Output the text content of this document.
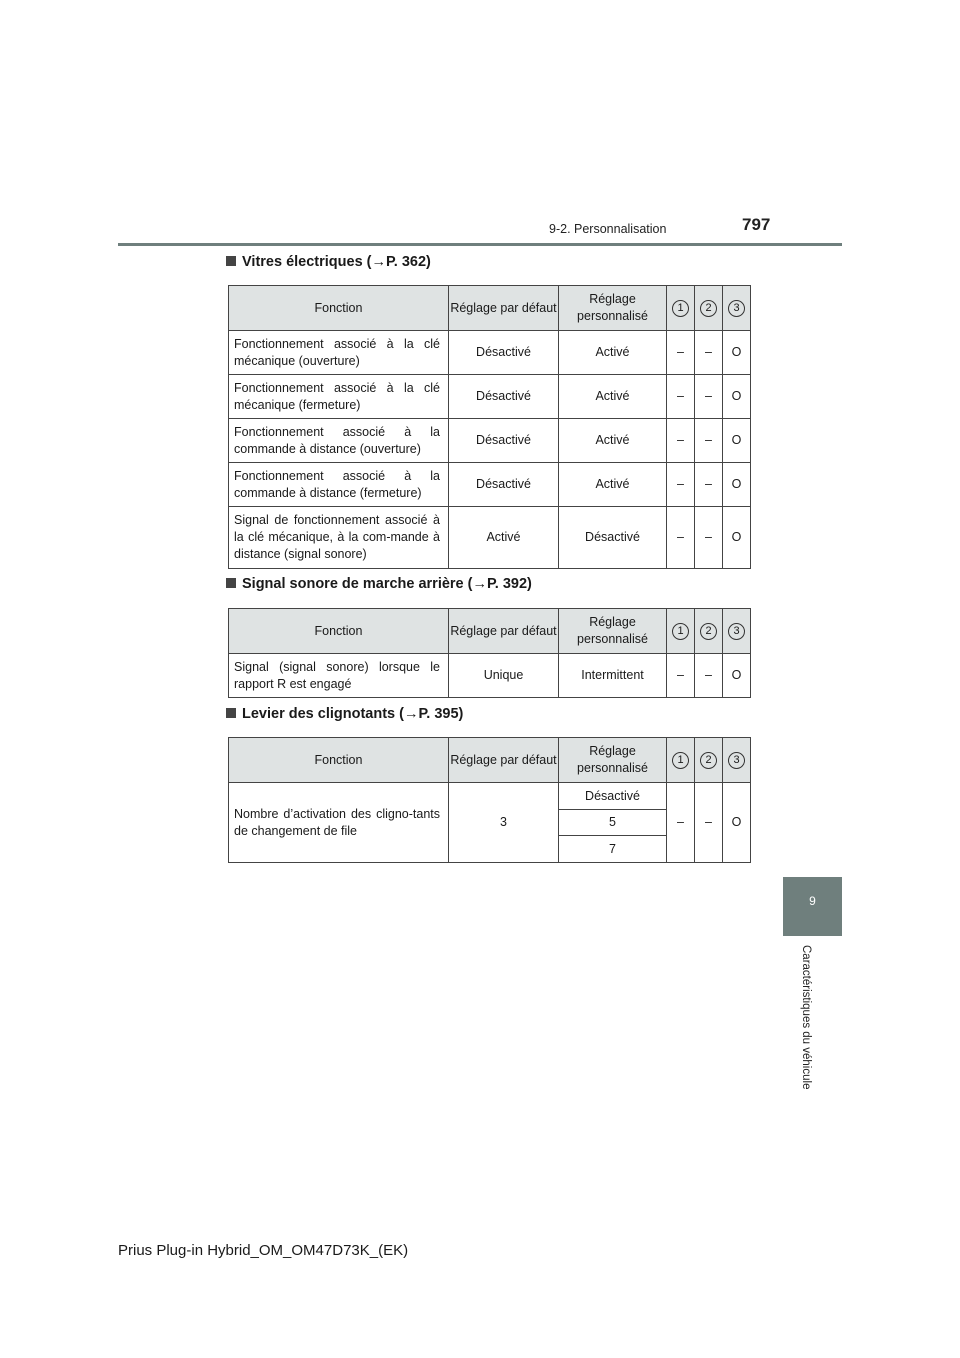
9-2. Personnalisation	797
9
Caractéristiques du véhicule
Vitres électriques (→P. 362)
Fonction	Réglage par défaut	Réglage personnalisé	1	2	3
Fonctionnement associé à la clé mécanique (ouverture)	Désactivé	Activé	–	–	O
Fonctionnement associé à la clé mécanique (fermeture)	Désactivé	Activé	–	–	O
Fonctionnement associé à la commande à distance (ouverture)	Désactivé	Activé	–	–	O
Fonctionnement associé à la commande à distance (fermeture)	Désactivé	Activé	–	–	O
Signal de fonctionnement associé à la clé mécanique, à la com-mande à distance (signal sonore)	Activé	Désactivé	–	–	O
Signal sonore de marche arrière (→P. 392)
Fonction	Réglage par défaut	Réglage personnalisé	1	2	3
Signal (signal sonore) lorsque le rapport R est engagé	Unique	Intermittent	–	–	O
Levier des clignotants (→P. 395)
Fonction	Réglage par défaut	Réglage personnalisé	1	2	3
Nombre d’activation des cligno-tants de changement de file	3	Désactivé	–	–	O
		5			
		7			
Prius Plug-in Hybrid_OM_OM47D73K_(EK)
